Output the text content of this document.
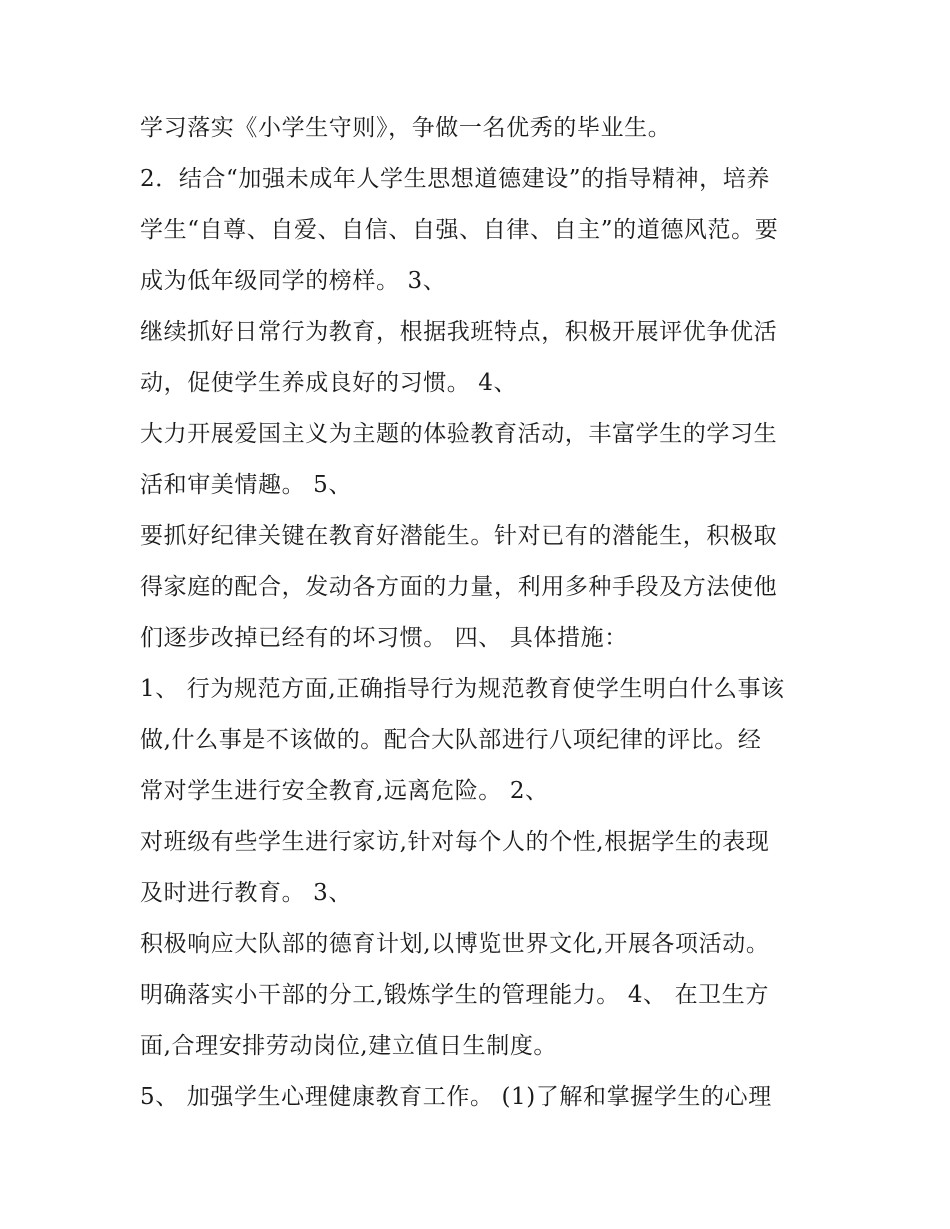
学习落实《小学生守则》，争做一名优秀的毕业生。
2．结合“加强未成年人学生思想道德建设”的指导精神，培养
学生“自尊、自爱、自信、自强、自律、自主”的道德风范。要
成为低年级同学的榜样。 3、
继续抓好日常行为教育，根据我班特点，积极开展评优争优活
动，促使学生养成良好的习惯。 4、
大力开展爱国主义为主题的体验教育活动，丰富学生的学习生
活和审美情趣。 5、
要抓好纪律关键在教育好潜能生。针对已有的潜能生，积极取
得家庭的配合，发动各方面的力量，利用多种手段及方法使他
们逐步改掉已经有的坏习惯。 四、 具体措施：
1、 行为规范方面,正确指导行为规范教育使学生明白什么事该
做,什么事是不该做的。配合大队部进行八项纪律的评比。经
常对学生进行安全教育,远离危险。 2、
对班级有些学生进行家访,针对每个人的个性,根据学生的表现
及时进行教育。 3、
积极响应大队部的德育计划,以博览世界文化,开展各项活动。
明确落实小干部的分工,锻炼学生的管理能力。 4、 在卫生方
面,合理安排劳动岗位,建立值日生制度。
5、 加强学生心理健康教育工作。 (1)了解和掌握学生的心理
